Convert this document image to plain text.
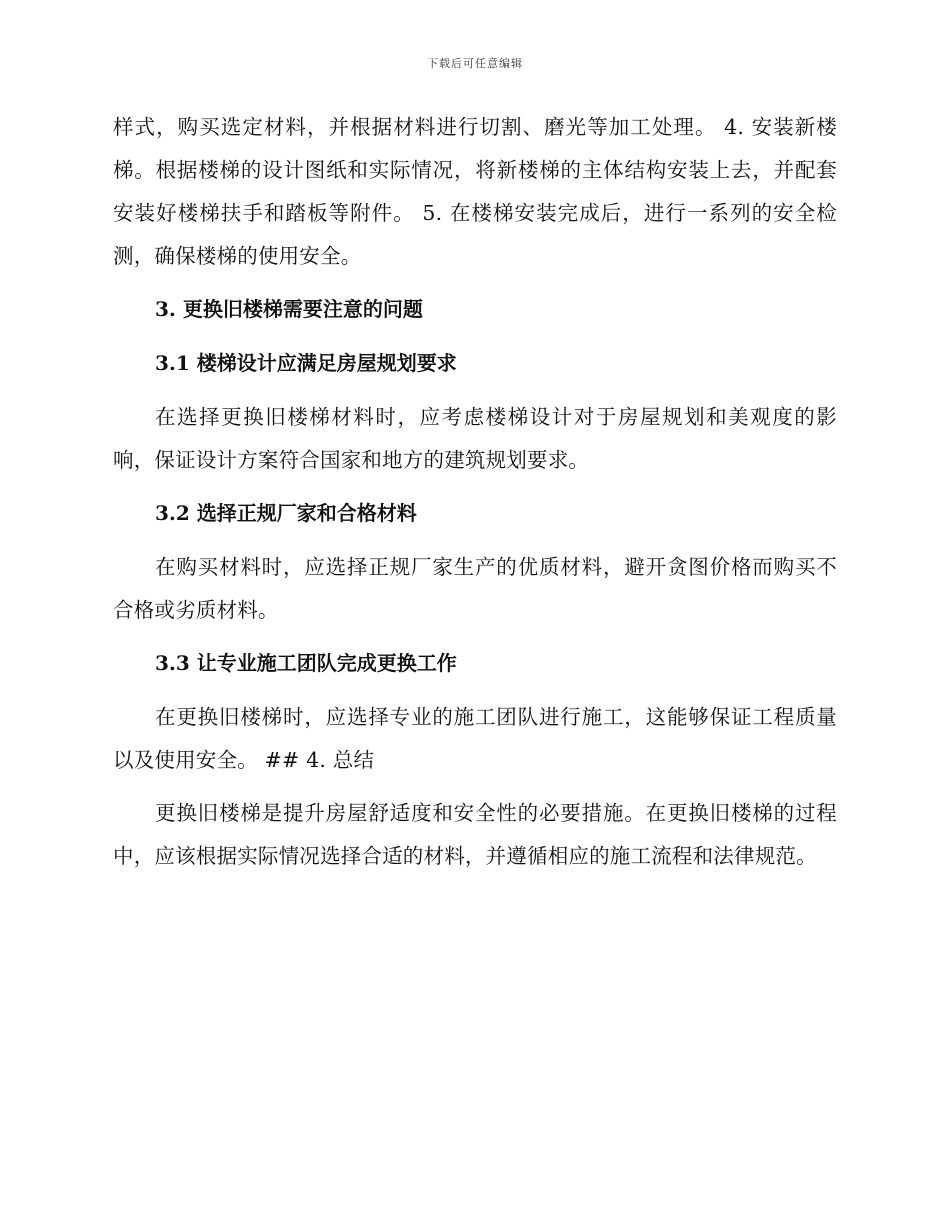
下载后可任意编辑

样式，购买选定材料，并根据材料进行切割、磨光等加工处理。 4. 安装新楼梯。根据楼梯的设计图纸和实际情况，将新楼梯的主体结构安装上去，并配套安装好楼梯扶手和踏板等附件。 5. 在楼梯安装完成后，进行一系列的安全检测，确保楼梯的使用安全。

3. 更换旧楼梯需要注意的问题
3.1 楼梯设计应满足房屋规划要求

在选择更换旧楼梯材料时，应考虑楼梯设计对于房屋规划和美观度的影响，保证设计方案符合国家和地方的建筑规划要求。

3.2 选择正规厂家和合格材料

在购买材料时，应选择正规厂家生产的优质材料，避开贪图价格而购买不合格或劣质材料。

3.3 让专业施工团队完成更换工作

在更换旧楼梯时，应选择专业的施工团队进行施工，这能够保证工程质量以及使用安全。 ## 4. 总结

更换旧楼梯是提升房屋舒适度和安全性的必要措施。在更换旧楼梯的过程中，应该根据实际情况选择合适的材料，并遵循相应的施工流程和法律规范。
